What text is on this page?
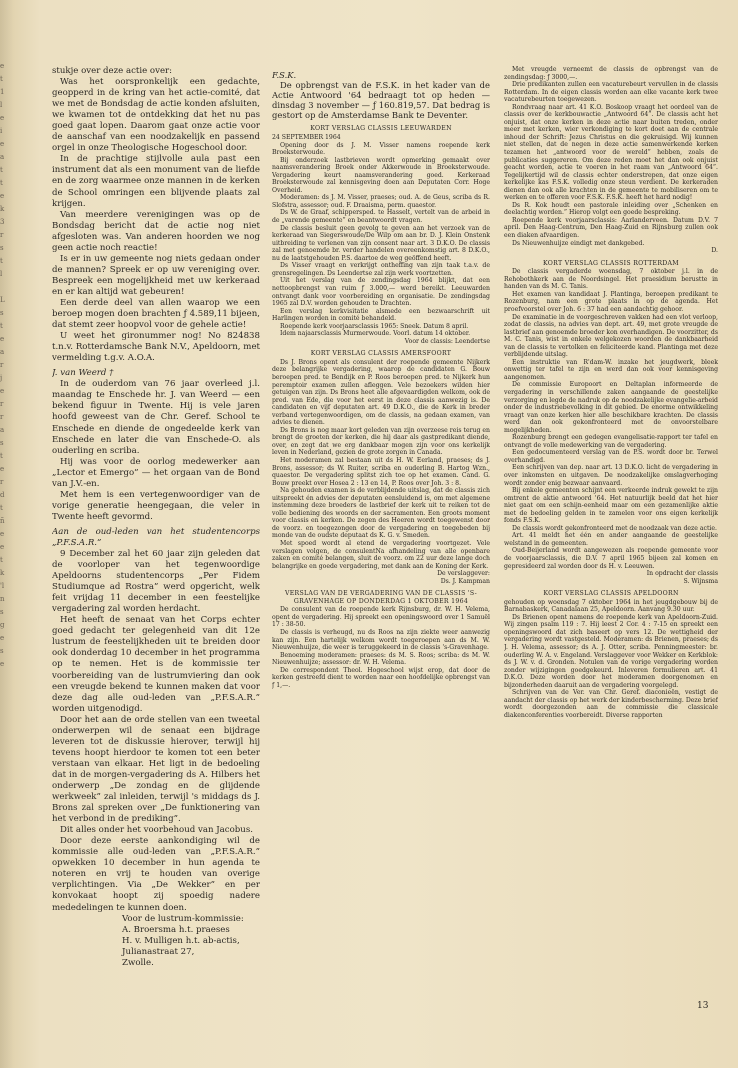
e
t
1
l
e
i
e
a
t
t
e
k
3
r
s
t
l

L
s
t
e
a
r
j
e
r
r
a
s
t
e
r
d
t
ñ
e
e
t
k
'l
n
s
g
e
s
e

stukje over deze actie over:

Was het oorspronkelijk een gedachte, geopperd in de kring van het actie-comité, dat we met de Bondsdag de actie konden afsluiten, we kwamen tot de ontdekking dat het nu pas goed gaat lopen. Daarom gaat onze actie voor de aanschaf van een noodzakelijk en passend orgel in onze Theologische Hogeschool door.

In de prachtige stijlvolle aula past een instrument dat als een monument van de liefde en de zorg waarmee onze mannen in de kerken de School omringen een blijvende plaats zal krijgen.

Van meerdere verenigingen was op de Bondsdag bericht dat de actie nog niet afgesloten was. Van anderen hoorden we nog geen actie noch reactie!

Is er in uw gemeente nog niets gedaan onder de mannen? Spreek er op uw vereniging over. Bespreek een mogelijkheid met uw kerkeraad en er kan altijd wat gebeuren!

Een derde deel van allen waarop we een beroep mogen doen brachten ƒ 4.589,11 bijeen, dat stemt zeer hoopvol voor de gehele actie!

U weet het gironummer nog! No 824838 t.n.v. Rotterdamsche Bank N.V., Apeldoorn, met vermelding t.g.v. A.O.A.

J. van Weerd †

In de ouderdom van 76 jaar overleed j.l. maandag te Enschede hr. J. van Weerd — een bekend figuur in Twente. Hij is vele jaren hoofd geweest van de Chr. Geref. School te Enschede en diende de ongedeelde kerk van Enschede en later die van Enschede-O. als ouderling en scriba.

Hij was voor de oorlog medewerker aan „Lector et Emergo” — het orgaan van de Bond van J.V.-en.

Met hem is een vertegenwoordiger van de vorige generatie heengegaan, die veler in Twente heeft gevormd.

Aan de oud-leden van het studentencorps „P.F.S.A.R.”

9 December zal het 60 jaar zijn geleden dat de voorloper van het tegenwoordige Apeldoorns studentencorps „Per Fidem Studiumque ad Rostra” werd opgericht, welk feit vrijdag 11 december in een feestelijke vergadering zal worden herdacht.

Het heeft de senaat van het Corps echter goed gedacht ter gelegenheid van dit 12e lustrum de feestelijkheden uit te breiden door ook donderdag 10 december in het programma op te nemen. Het is de kommissie ter voorbereiding van de lustrumviering dan ook een vreugde bekend te kunnen maken dat voor deze dag alle oud-leden van „P.F.S.A.R.” worden uitgenodigd.

Door het aan de orde stellen van een tweetal onderwerpen wil de senaat een bijdrage leveren tot de diskussie hierover, terwijl hij tevens hoopt hierdoor te komen tot een beter verstaan van elkaar. Het ligt in de bedoeling dat in de morgen-vergadering ds A. Hilbers het onderwerp „De zondag en de glijdende werkweek” zal inleiden, terwijl 's middags ds J. Brons zal spreken over „De funktionering van het verbond in de prediking”.

Dit alles onder het voorbehoud van Jacobus.

Door deze eerste aankondiging wil de kommissie alle oud-leden van „P.F.S.A.R.” opwekken 10 december in hun agenda te noteren en vrij te houden van overige verplichtingen. Via „De Wekker” en per konvokaat hoopt zij spoedig nadere mededelingen te kunnen doen.

Voor de lustrum-kommissie:

A. Broersma h.t. praeses

H. v. Mulligen h.t. ab-actis,

Julianastraat 27,

Zwolle.

F.S.K.

De opbrengst van de F.S.K. in het kader van de Actie Antwoord '64 bedraagt tot op heden — dinsdag 3 november — ƒ 160.819,57. Dat bedrag is gestort op de Amsterdamse Bank te Deventer.

KORT VERSLAG CLASSIS LEEUWARDEN

24 SEPTEMBER 1964

Opening door ds J. M. Visser namens roepende kerk Broeksterwoude.

Bij onderzoek lastbrieven wordt opmerking gemaakt over naamsverandering Broek onder Akkerwoude in Broeksterwoude. Vergadering keurt naamsverandering goed. Kerkeraad Broeksterwoude zal kennisgeving doen aan Deputaten Corr. Hoge Overheid.

Moderamen: ds J. M. Visser, praeses; oud. A. de Geus, scriba ds R. Slofstra, assessor; oud. F. Draaisma, perm. quaestor.

Ds W. de Graaf, schippersped. te Hasselt, vertelt van de arbeid in de „varende gemeente” en beantwoordt vragen.

De classis besluit geen gevolg te geven aan het verzoek van de kerkeraad van Siegerswoude/De Wilp om aan br. D. J. Klein Onstenk uitbreiding te verlenen van zijn consent naar art. 3 D.K.O. De classis zal met genoemde br. verder handelen overeenkomstig art. 8 D.K.O., nu de laatstgehouden P.S. daartoe de weg geöffend heeft.

Ds Visser vraagt en verkrijgt ontheffing van zijn taak t.a.v. de grensregelingen. Ds Leendertse zal zijn werk voortzetten.

Uit het verslag van de zendingsdag 1964 blijkt, dat een nettoopbrengst van ruim ƒ 3.000,— werd bereikt. Leeuwarden ontvangt dank voor voorbereiding en organisatie. De zendingsdag 1965 zal D.V. worden gehouden te Drachten.

Een verslag kerkvisitatie alsmede een bezwaarschrift uit Harlingen worden in comité behandeld.

Roepende kerk voorjaarsclassis 1965: Sneek. Datum 8 april.

Idem najaarsclassis Murmerwoude. Voorl. datum 14 oktober.

Voor de classis: Leendertse

KORT VERSLAG CLASSIS AMERSFOORT

Ds J. Brons opent als consulent der roepende gemeente Nijkerk deze belangrijke vergadering, waarop de candidaten G. Bouw beroepen pred. te Bendijk en P. Roos beroepen pred. te Nijkerk hun peremptoir examen zullen afleggen. Vele bezoekers wilden hier getuigen van zijn. Ds Brons heet alle afgevaardigden welkom, ook de pred. van Ede, die voor het eerst in deze classis aanwezig is. De candidaten en vijf deputaten art. 49 D.K.O., die de Kerk in breder verband vertegenwoordigen, om de classis, na gedaan examen, van advies te dienen.

Ds Brons is nog maar kort geleden van zijn overzeese reis terug en brengt de groeten der kerken, die hij daar als gastpredikant diende, over, en zegt dat we erg dankbaar mogen zijn voor ons kerkelijk leven in Nederland, gezien de grote zorgen in Canada.

Het moderamen zal bestaan uit ds H. W. Eerland, praeses; ds J. Brons, assessor; ds W. Ruiter, scriba en ouderling B. Hartog Wzn., quaestor. De vergadering splitst zich toe op het examen. Cand. G. Bouw preekt over Hosea 2 : 13 en 14, P. Roos over Joh. 3 : 8.

Na gehouden examen is de verblijdende uitslag, dat de classis zich uitspreekt én advies der deputaten eensluidend is, om met algemene instemming deze broeders de lastbrief der kerk uit te reiken tot de volle bediening des woords en der sacramenten. Een groots moment voor classis en kerken. De zegen des Heeren wordt toegewenst door de voorz. en toegezongen door de vergadering en toegebeden bij monde van de oudste deputaat ds K. G. v. Smeden.

Met spoed wordt al etend de vergadering voortgezet. Vele verslagen volgen, de consulentNa afhandeling van alle openbare zaken en comité belangen, sluit de voorz. om 22 uur deze lange doch belangrijke en goede vergadering, met dank aan de Koning der Kerk.

De verslaggever:

Ds. J. Kampman

VERSLAG VAN DE VERGADERING VAN DE CLASSIS 'S-GRAVENHAGE OP DONDERDAG 1 OKTOBER 1964

De consulent van de roepende kerk Rijnsburg, dr. W. H. Velema, opent de vergadering. Hij spreekt een openingswoord over 1 Samuël 17 : 38-50.

De classis is verheugd, nu ds Roos na zijn ziekte weer aanwezig kan zijn. Een hartelijk welkom wordt toegeroepen aan ds M. W. Nieuwenhuijze, die weer is teruggekeerd in de classis 's-Gravenhage.

Benoeming moderamen: praeses: ds M. S. Roos; scriba: ds M. W. Nieuwenhuijze; assessor: dr. W. H. Velema.

De correspondent Theol. Hogeschool wijst erop, dat door de kerken gestreefd dient te worden naar een hoofdelijke opbrengst van ƒ 1,—.

Met vreugde verneemt de classis de opbrengst van de zendingsdag: ƒ 3000,—.

Drie predikanten zullen een vacaturebeurt vervullen in de classis Rotterdam. In de eigen classis worden aan elke vacante kerk twee vacaturebeurten toegewezen.

Rondvraag naar art. 41 K.O. Boskoop vraagt het oordeel van de classis over de kerkbouwactie „Antwoord 64”. De classis acht het onjuist, dat onze kerken in deze actie naar buiten treden, onder meer met kerken, wier verkondiging te kort doet aan de centrale inhoud der Schrift: Jezus Christus en die gekruisigd. Wij kunnen niet stellen, dat de negen in deze actie samenwerkende kerken tezamen het „antwoord voor de wereld” hebben, zoals de publicaties suggereren. Om deze reden moet het dan ook onjuist geacht worden, actie te voeren in het raam van „Antwoord 64”. Tegelijkertijd wil de classis echter onderstrepen, dat onze eigen kerkelijke kas F.S.K. volledig onze steun verdient. De kerkeraden dienen dan ook alle krachten in de gemeente te mobiliseren om te werken en te offeren voor F.S.K. F.S.K. heeft het hard nodig!

Ds R. Kok houdt een pastorale inleiding over „Schenken en deelachtig worden.” Hierop volgt een goede bespreking.

Roepende kerk voorjaarsclassis: Aarlanderveen. Datum D.V. 7 april. Den Haag-Centrum, Den Haag-Zuid en Rijnsburg zullen ook een diaken afvaardigen.

Ds Nieuwenhuijze eindigt met dankgebed.

D.

KORT VERSLAG CLASSIS ROTTERDAM

De classis vergaderde woensdag, 7 oktober j.l. in de Rehobothkerk aan de Noordsingel. Het praesidium berustte in handen van ds M. C. Tanis.

Het examen van kandidaat J. Plantinga, beroepen predikant te Rozenburg, nam een grote plaats in op de agenda. Het proefvoorstel over Joh. 6 : 37 had een aandachtig gehoor.

De examinatie in de voorgeschreven vakken had een vlot verloop, zodat de classis, na advies van dept. art. 49, met grote vreugde de lastbrief aan genoemde broeder kon overhandigen. De voorzitter, ds M. C. Tanis, wist in enkele welgekozen woorden de dankbaarheid van de classis te vertolken en feliciteerde kand. Plantinga met deze verblijdende uitslag.

Een instruktie van R'dam-W. inzake het jeugdwerk, bleek onwettig ter tafel te zijn en werd dan ook voor kennisgeving aangenomen.

De commissie Europoort en Deltaplan informeerde de vergadering in verschillende zaken aangaande de geestelijke verzorging en legde de nadruk op de noodzakelijke evangelie-arbeid onder de industriebevolking in dit gebied. De enorme ontwikkeling vraagt van onze kerken hier alle beschikbare krachten. De classis werd dan ook gekonfronteerd met de onvoorstelbare mogelijkheden.

Rozenburg brengt een gedegen evangelisatie-rapport ter tafel en ontvangt de volle medewerking van de vergadering.

Een gedocumenteerd verslag van de P.S. wordt door br. Terwel overhandigd.

Een schrijven van dep. naar art. 13 D.K.O. licht de vergadering in over inkomsten en uitgaven. De noodzakelijke omslagverhoging wordt zonder enig bezwaar aanvaard.

Bij enkele gemeenten schijnt een verkeerde indruk gewekt te zijn omtrent de aktie antwoord '64. Het natuurlijk beeld dat het hier niet gaat om een schijn-eenheid maar om een gezamenlijke aktie met de bedoeling gelden in te zamelen voor ons eigen kerkelijk fonds F.S.K.

De classis wordt gekonfronteerd met de noodzaak van deze actie.

Art. 41 meldt het één en ander aangaande de geestelijke welstand in de gemeenten.

Oud-Beijerland wordt aangewezen als roepende gemeente voor de voorjaarsclassis, die D.V. 7 april 1965 bijeen zal komen en gepresideerd zal worden door ds H. v. Leeuwen.

In opdracht der classis

S. Wijnsma

KORT VERSLAG CLASSIS APELDOORN

gehouden op woensdag 7 oktober 1964 in het jeugdgebouw bij de Barnabaskerk, Canadalaan 25, Apeldoorn. Aanvang 9.30 uur.

Ds Brienen opent namens de roepende kerk van Apeldoorn-Zuid. Wij zingen psalm 119 : 7. Hij leest 2 Cor. 4 : 7-15 en spreekt een openingswoord dat zich baseert op vers 12. De wettigheid der vergadering wordt vastgesteld. Moderamen: ds Brienen, praeses; ds J. H. Velema, assessor; ds A. J. Otter, scriba. Penningmeester: br. ouderling W. A. v. Engeland. Verslaggever voor Wekker en Kerkblok: ds J. W. v. d. Gronden. Notulen van de vorige vergadering worden zonder wijzigingen goedgekeurd. Inleveren formulieren art. 41 D.K.O. Deze worden door het moderamen doorgenomen en bijzonderheden daaruit aan de vergadering voorgelegd.

Schrijven van de Ver. van Chr. Geref. diaconieën, vestigt de aandacht der classis op het werk der kinderbescherming. Deze brief wordt doorgezonden aan de commissie die classicale diakenconferenties voorbereidt. Diverse rapporten

13
